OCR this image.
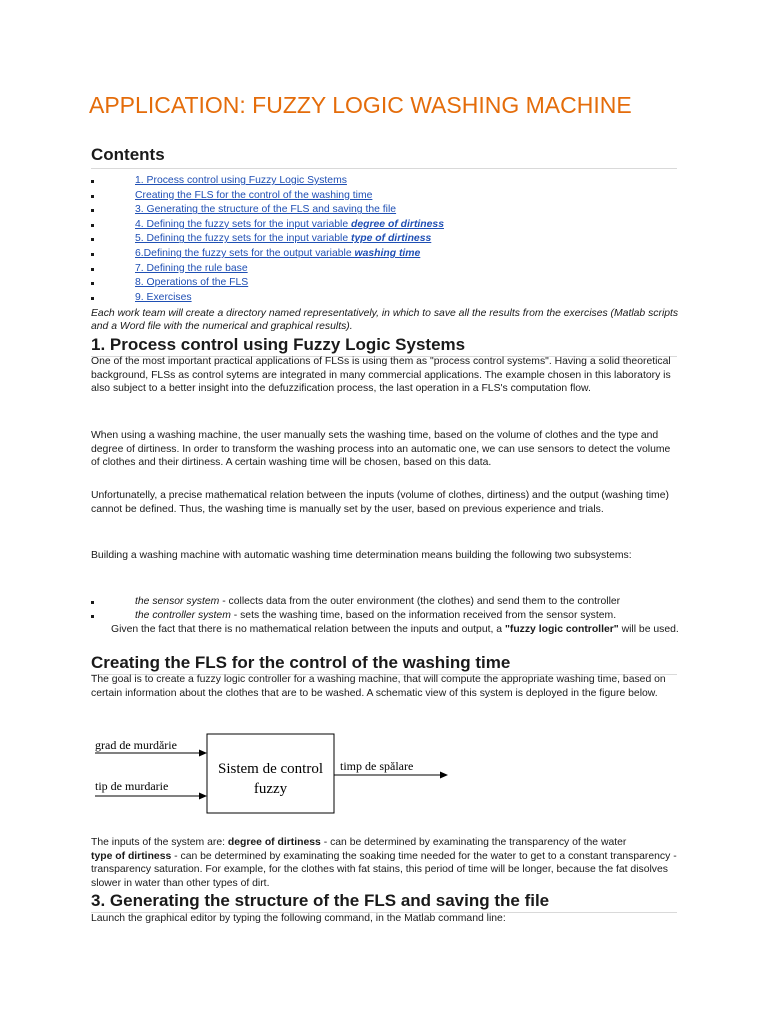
APPLICATION: FUZZY LOGIC WASHING MACHINE
Contents
1. Process control using Fuzzy Logic Systems
Creating the FLS for the control of the washing time
3. Generating the structure of the FLS and saving the file
4. Defining the fuzzy sets for the input variable degree of dirtiness
5. Defining the fuzzy sets for the input variable type of dirtiness
6.Defining the fuzzy sets for the output variable washing time
7. Defining the rule base
8. Operations of the FLS
9. Exercises

Each work team will create a directory named representatively, in which to save all the results from the exercises (Matlab scripts and a Word file with the numerical and graphical results).

1. Process control using Fuzzy Logic Systems

One of the most important practical applications of FLSs is using them as "process control systems". Having a solid theoretical background, FLSs as control sytems are integrated in many commercial applications. The example chosen in this laboratory is also subject to a better insight into the defuzzification process, the last operation in a FLS's computation flow.

When using a washing machine, the user manually sets the washing time, based on the volume of clothes and the type and degree of dirtiness. In order to transform the washing process into an automatic one, we can use sensors to detect the volume of clothes and their dirtiness. A certain washing time will be chosen, based on this data.

Unfortunatelly, a precise mathematical relation between the inputs (volume of clothes, dirtiness) and the output (washing time) cannot be defined. Thus, the washing time is manually set by the user, based on previous experience and trials.

Building a washing machine with automatic washing time determination means building the following two subsystems:

the sensor system - collects data from the outer environment (the clothes) and send them to the controller
the controller system - sets the washing time, based on the information received from the sensor system.
Given the fact that there is no mathematical relation between the inputs and output, a "fuzzy logic controller" will be used.
Creating the FLS for the control of the washing time

The goal is to create a fuzzy logic controller for a washing machine, that will compute the appropriate washing time, based on certain information about the clothes that are to be washed. A schematic view of this system is deployed in the figure below.

grad de murdărie
tip de murdarie
Sistem de control
fuzzy
timp de spălare

The inputs of the system are: degree of dirtiness - can be determined by examinating the transparency of the water
type of dirtiness - can be determined by examinating the soaking time needed for the water to get to a constant transparency - transparency saturation. For example, for the clothes with fat stains, this period of time will be longer, because the fat disolves slower in water than other types of dirt.

3. Generating the structure of the FLS and saving the file

Launch the graphical editor by typing the following command, in the Matlab command line:
